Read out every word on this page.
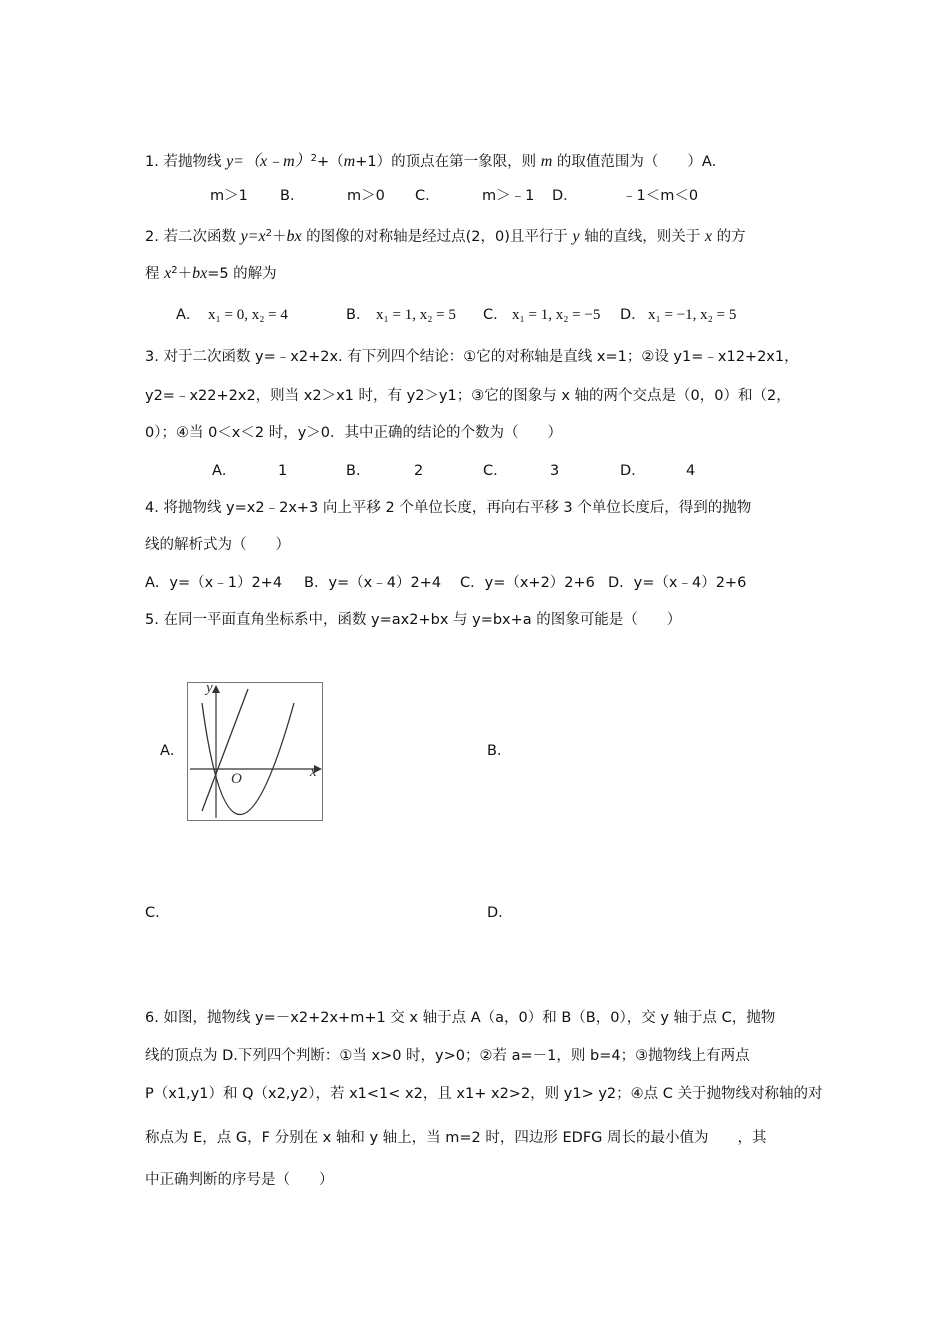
1. 若抛物线 y=（x﹣m）$^2$+（m+1）的顶点在第一象限，则 m 的取值范围为（　　）A．
m＞1 B．	m＞0 C．	m＞﹣1 D．	﹣1＜m＜0
2. 若二次函数 $y=x^2+bx$ 的图像的对称轴是经过点(2，0)且平行于 y 轴的直线，则关于 x 的方
程 $x^2+bx=5$ 的解为
A． x₁ = 0, x₂ = 4	B． x₁ = 1, x₂ = 5 C． x₁ = 1, x₂ = −5 D． x₁ = −1, x₂ = 5
3. 对于二次函数 y=﹣x2+2x. 有下列四个结论：①它的对称轴是直线 x=1；②设 y1=﹣x12+2x1，
y2=﹣x22+2x2，则当 x2＞x1 时，有 y2＞y1；③它的图象与 x 轴的两个交点是（0，0）和（2，
0）；④当 0＜x＜2 时，y＞0．其中正确的结论的个数为（　　）
A．	1	B．	2	C．	3	D．	4
4. 将抛物线 y=x2﹣2x+3 向上平移 2 个单位长度，再向右平移 3 个单位长度后，得到的抛物
线的解析式为（　　）
A．y=（x﹣1）2+4 B．y=（x﹣4）2+4 C．y=（x+2）2+6 D．y=（x﹣4）2+6
5. 在同一平面直角坐标系中，函数 y=ax2+bx 与 y=bx+a 的图象可能是（　　）
A．
y
x
O
B．
C．	D．
6. 如图，抛物线 y=－x2+2x+m+1 交 x 轴于点 A（a，0）和 B（B，0），交 y 轴于点 C，抛物
线的顶点为 D.下列四个判断：①当 x>0 时，y>0；②若 a=－1，则 b=4；③抛物线上有两点
P（x1,y1）和 Q（x2,y2），若 x1<1< x2，且 x1+ x2>2，则 y1> y2；④点 C 关于抛物线对称轴的对
称点为 E，点 G，F 分别在 x 轴和 y 轴上，当 m=2 时，四边形 EDFG 周长的最小值为　　，其
中正确判断的序号是（　　）
